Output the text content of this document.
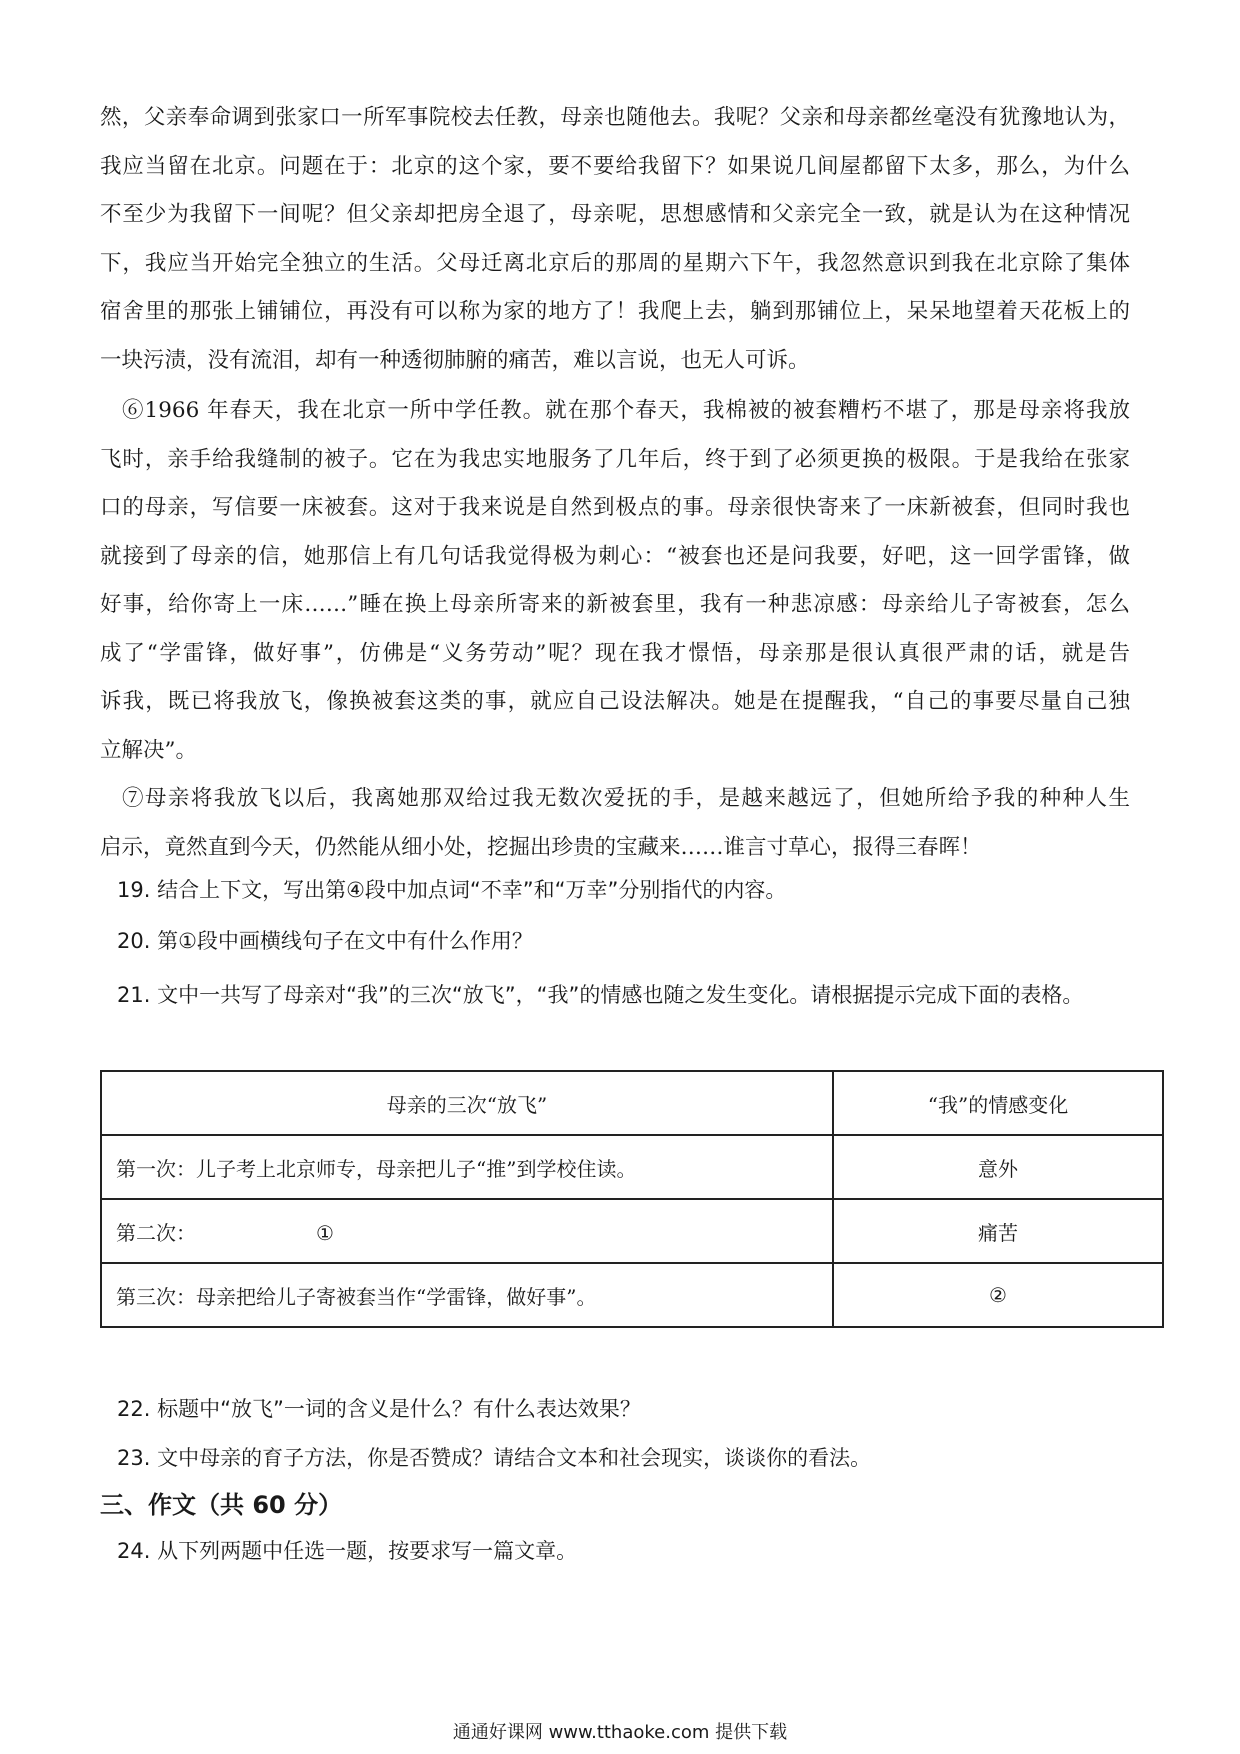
然，父亲奉命调到张家口一所军事院校去任教，母亲也随他去。我呢？父亲和母亲都丝毫没有犹豫地认为，
我应当留在北京。问题在于：北京的这个家，要不要给我留下？如果说几间屋都留下太多，那么，为什么
不至少为我留下一间呢？但父亲却把房全退了，母亲呢，思想感情和父亲完全一致，就是认为在这种情况
下，我应当开始完全独立的生活。父母迁离北京后的那周的星期六下午，我忽然意识到我在北京除了集体
宿舍里的那张上铺铺位，再没有可以称为家的地方了！我爬上去，躺到那铺位上，呆呆地望着天花板上的
一块污渍，没有流泪，却有一种透彻肺腑的痛苦，难以言说，也无人可诉。
⑥1966 年春天，我在北京一所中学任教。就在那个春天，我棉被的被套糟朽不堪了，那是母亲将我放
飞时，亲手给我缝制的被子。它在为我忠实地服务了几年后，终于到了必须更换的极限。于是我给在张家
口的母亲，写信要一床被套。这对于我来说是自然到极点的事。母亲很快寄来了一床新被套，但同时我也
就接到了母亲的信，她那信上有几句话我觉得极为刺心：“被套也还是问我要，好吧，这一回学雷锋，做
好事，给你寄上一床……”睡在换上母亲所寄来的新被套里，我有一种悲凉感：母亲给儿子寄被套，怎么
成了“学雷锋，做好事”，仿佛是“义务劳动”呢？现在我才憬悟，母亲那是很认真很严肃的话，就是告
诉我，既已将我放飞，像换被套这类的事，就应自己设法解决。她是在提醒我，“自己的事要尽量自己独
立解决”。
⑦母亲将我放飞以后，我离她那双给过我无数次爱抚的手，是越来越远了，但她所给予我的种种人生
启示，竟然直到今天，仍然能从细小处，挖掘出珍贵的宝藏来……谁言寸草心，报得三春晖！

19. 结合上下文，写出第④段中加点词“不幸”和“万幸”分别指代的内容。

20. 第①段中画横线句子在文中有什么作用？

21. 文中一共写了母亲对“我”的三次“放飞”，“我”的情感也随之发生变化。请根据提示完成下面的表格。

母亲的三次“放飞”	“我”的情感变化
第一次：儿子考上北京师专，母亲把儿子“推”到学校住读。	意外
第二次： ①	痛苦
第三次：母亲把给儿子寄被套当作“学雷锋，做好事”。	②

22. 标题中“放飞”一词的含义是什么？有什么表达效果？

23. 文中母亲的育子方法，你是否赞成？请结合文本和社会现实，谈谈你的看法。

三、作文（共 60 分）

24. 从下列两题中任选一题，按要求写一篇文章。

通通好课网 www.tthaoke.com 提供下载
